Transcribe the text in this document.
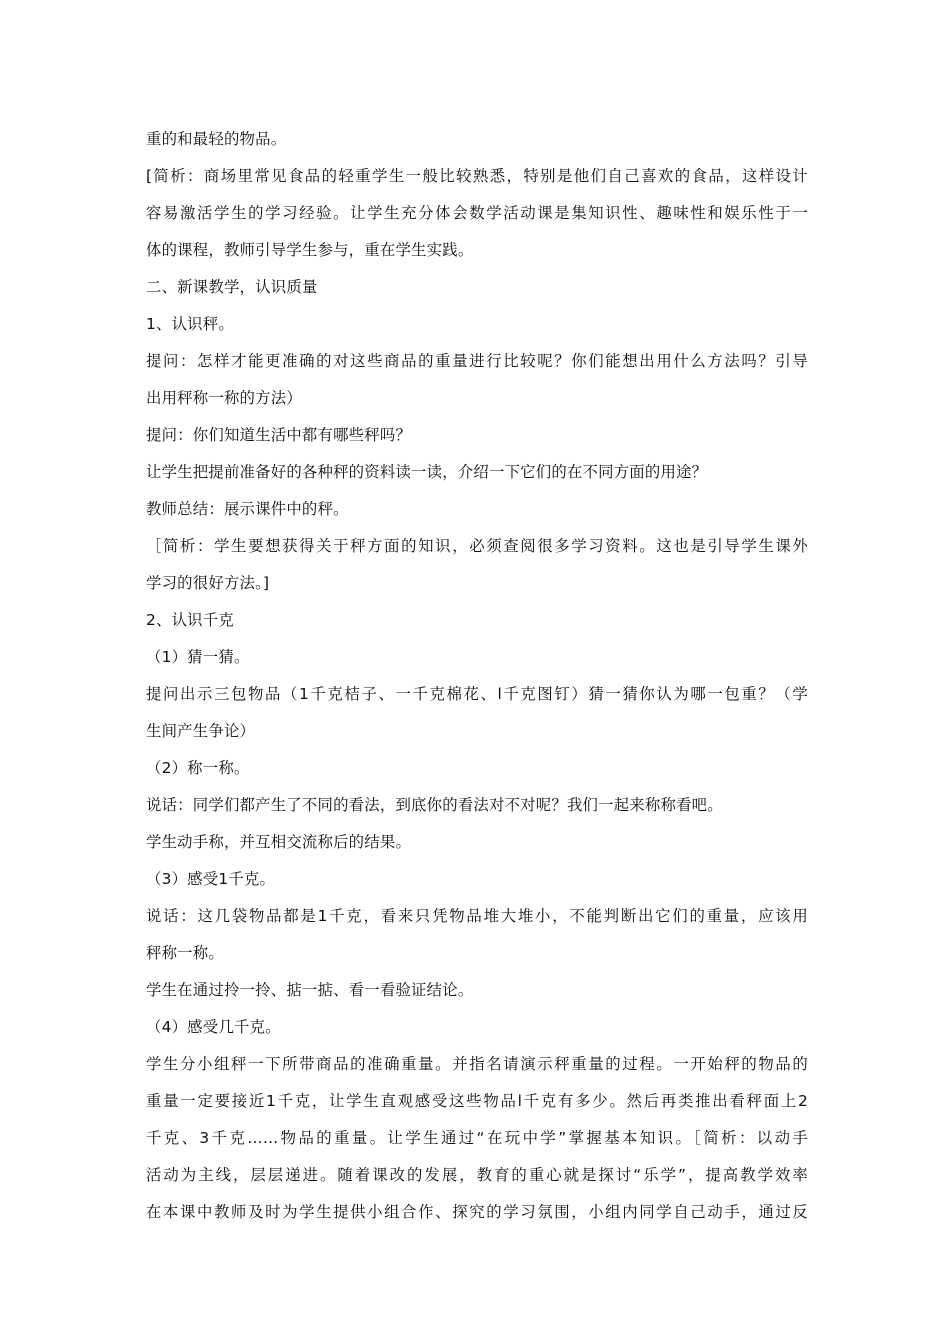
重的和最轻的物品。
[简析：商场里常见食品的轻重学生一般比较熟悉，特别是他们自己喜欢的食品，这样设计
容易激活学生的学习经验。让学生充分体会数学活动课是集知识性、趣味性和娱乐性于一
体的课程，教师引导学生参与，重在学生实践。
二、新课教学，认识质量
1、认识秤。
提问：怎样才能更准确的对这些商品的重量进行比较呢？你们能想出用什么方法吗？引导
出用秤称一称的方法）
提问：你们知道生活中都有哪些秤吗？
让学生把提前准备好的各种秤的资料读一读，介绍一下它们的在不同方面的用途？
教师总结：展示课件中的秤。
［简析：学生要想获得关于秤方面的知识，必须查阅很多学习资料。这也是引导学生课外
学习的很好方法。]
2、认识千克
（1）猜一猜。
提问出示三包物品（1千克桔子、一千克棉花、l千克图钉）猜一猜你认为哪一包重？（学
生间产生争论）
（2）称一称。
说话：同学们都产生了不同的看法，到底你的看法对不对呢？我们一起来称称看吧。
学生动手称，并互相交流称后的结果。
（3）感受1千克。
说话：这几袋物品都是1千克，看来只凭物品堆大堆小，不能判断出它们的重量，应该用
秤称一称。
学生在通过拎一拎、掂一掂、看一看验证结论。
（4）感受几千克。
学生分小组秤一下所带商品的准确重量。并指名请演示秤重量的过程。一开始秤的物品的
重量一定要接近1千克，让学生直观感受这些物品l千克有多少。然后再类推出看秤面上2
千克、3千克……物品的重量。让学生通过“在玩中学”掌握基本知识。［简析：以动手
活动为主线，层层递进。随着课改的发展，教育的重心就是探讨“乐学”，提高教学效率
在本课中教师及时为学生提供小组合作、探究的学习氛围，小组内同学自己动手，通过反
